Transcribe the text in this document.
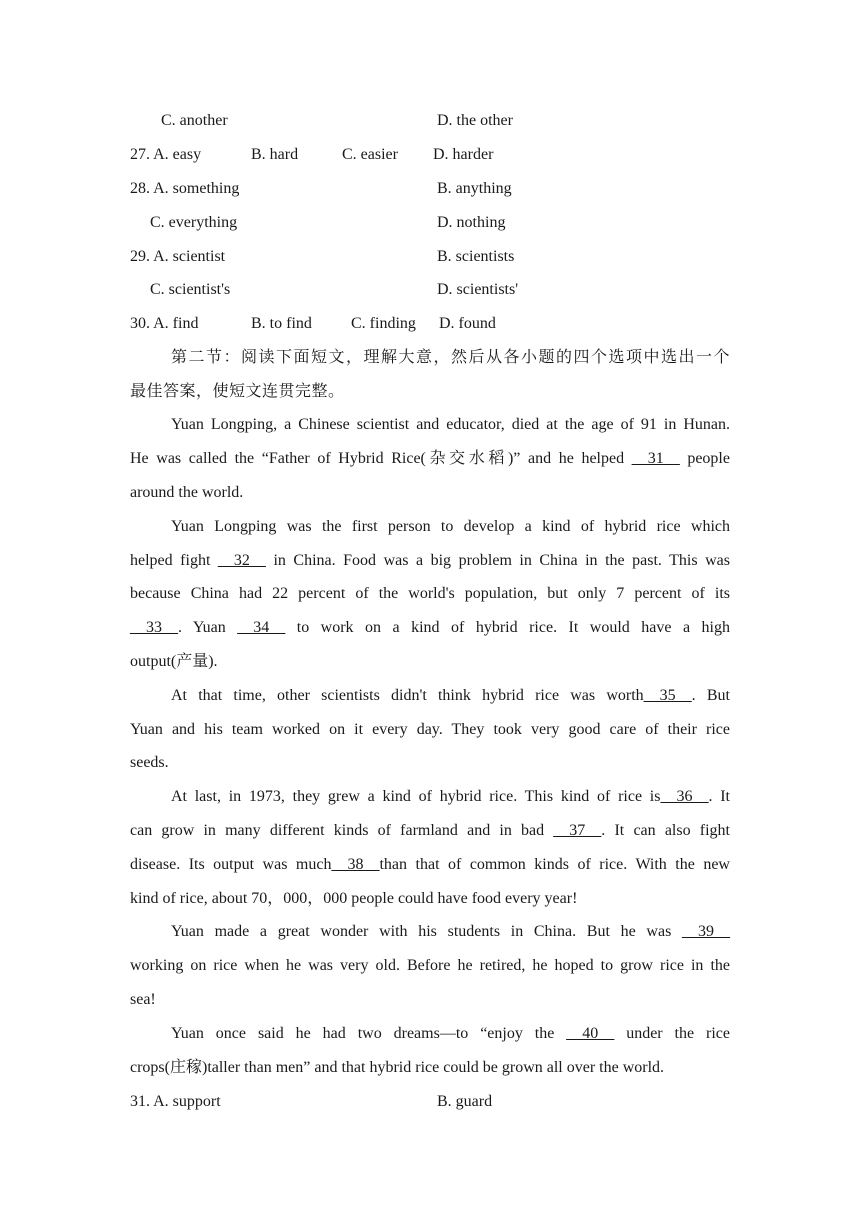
C. another	D. the other
27. A. easy	B. hard	C. easier D. harder
28. A. something	B. anything
C. everything	D. nothing
29. A. scientist	B. scientists
C. scientist's	D. scientists'
30. A. find	B. to find C. finding D. found
第二节：阅读下面短文，理解大意，然后从各小题的四个选项中选出一个
最佳答案，使短文连贯完整。
Yuan Longping, a Chinese scientist and educator, died at the age of 91 in Hunan.
He was called the “Father of Hybrid Rice(杂交水稻)” and he helped __31__ people
around the world.
Yuan Longping was the first person to develop a kind of hybrid rice which
helped fight __32__ in China. Food was a big problem in China in the past. This was
because China had 22 percent of the world's population, but only 7 percent of its
__33__. Yuan __34__ to work on a kind of hybrid rice. It would have a high
output(产量).
At that time, other scientists didn't think hybrid rice was worth__35__. But
Yuan and his team worked on it every day. They took very good care of their rice
seeds.
At last, in 1973, they grew a kind of hybrid rice. This kind of rice is__36__. It
can grow in many different kinds of farmland and in bad __37__. It can also fight
disease. Its output was much__38__than that of common kinds of rice. With the new
kind of rice, about 70，000，000 people could have food every year!
Yuan made a great wonder with his students in China. But he was __39__
working on rice when he was very old. Before he retired, he hoped to grow rice in the
sea!
Yuan once said he had two dreams—to “enjoy the __40__ under the rice
crops(庄稼)taller than men” and that hybrid rice could be grown all over the world.
31. A. support	B. guard
